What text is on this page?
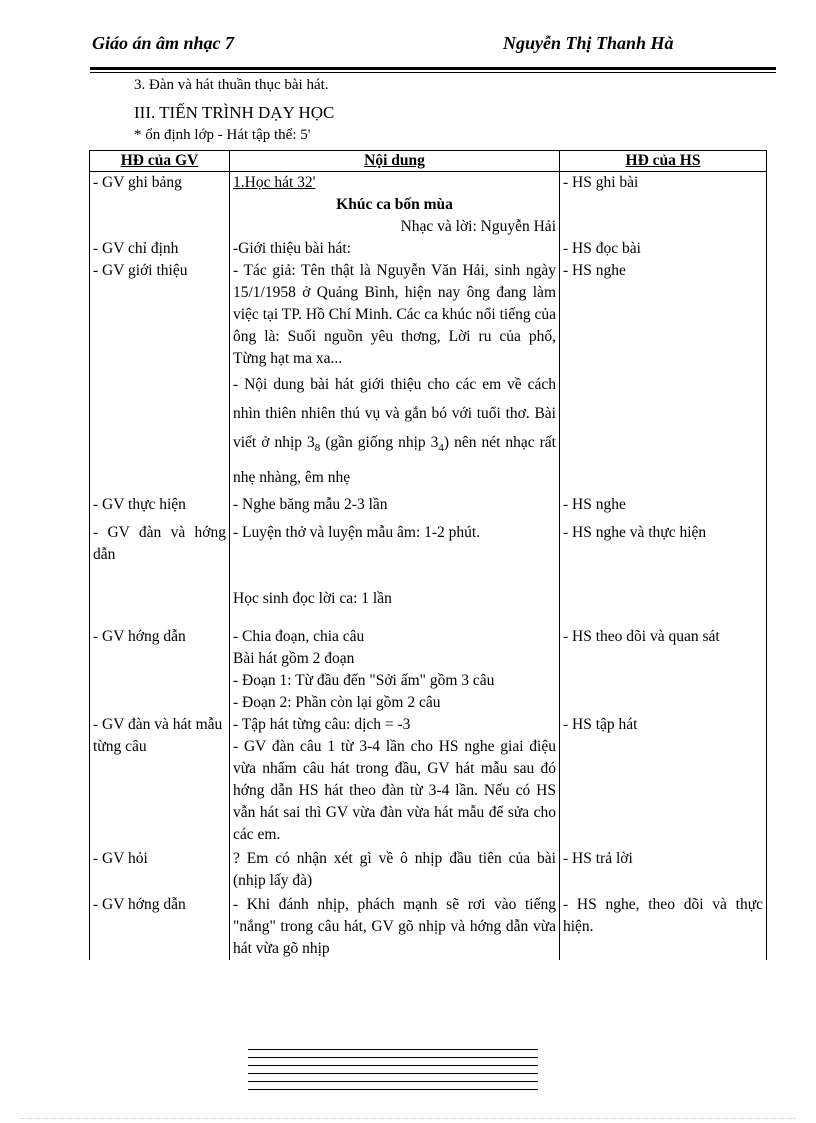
Giáo án âm nhạc 7	Nguyễn Thị Thanh Hà
3. Đàn và hát thuần thục bài hát.
III. TIẾN TRÌNH DẠY HỌC
* ổn định lớp - Hát tập thể: 5'
HĐ của GV	Nội dung	HĐ của HS
- GV ghi bảng	1.Học hát 32'
Khúc ca bốn mùa
Nhạc và lời: Nguyễn Hải	- HS ghi bài
- GV chỉ định	-Giới thiệu bài hát:	- HS đọc bài
- GV giới thiệu	- Tác giả: Tên thật là Nguyễn Văn Hải, sinh ngày 15/1/1958 ở Quảng Bình, hiện nay ông đang làm việc tại TP. Hồ Chí Minh. Các ca khúc nổi tiếng của ông là: Suối nguồn yêu thơng, Lời ru của phố, Từng hạt ma xa...
- Nội dung bài hát giới thiệu cho các em về cách nhìn thiên nhiên thú vụ và gắn bó với tuổi thơ. Bài viết ở nhịp $3_8$ (gần giống nhịp $3_4$) nên nét nhạc rất nhẹ nhàng, êm nhẹ	- HS nghe
- GV thực hiện	- Nghe băng mẫu 2-3 lần	- HS nghe
- GV đàn và hớng dẫn	- Luyện thở và luyện mẫu âm: 1-2 phút.	- HS nghe và thực hiện
	Học sinh đọc lời ca: 1 lần	
- GV hớng dẫn	- Chia đoạn, chia câu
Bài hát gồm 2 đoạn
- Đoạn 1: Từ đầu đến "Sởi ấm" gồm 3 câu
- Đoạn 2: Phần còn lại gồm 2 câu	- HS theo dõi và quan sát
- GV đàn và hát mẫu từng câu	- Tập hát từng câu: dịch = -3
- GV đàn câu 1 từ 3-4 lần cho HS nghe giai điệu vừa nhẩm câu hát trong đầu, GV hát mẫu sau đó hớng dẫn HS hát theo đàn từ 3-4 lần. Nếu có HS vẫn hát sai thì GV vừa đàn vừa hát mẫu để sửa cho các em.	- HS tập hát
- GV hỏi	? Em có nhận xét gì về ô nhịp đầu tiên của bài (nhịp lấy đà)	- HS trả lời
- GV hớng dẫn	- Khi đánh nhịp, phách mạnh sẽ rơi vào tiếng "nắng" trong câu hát, GV gõ nhịp và hớng dẫn vừa hát vừa gõ nhịp	- HS nghe, theo dõi và thực hiện.
